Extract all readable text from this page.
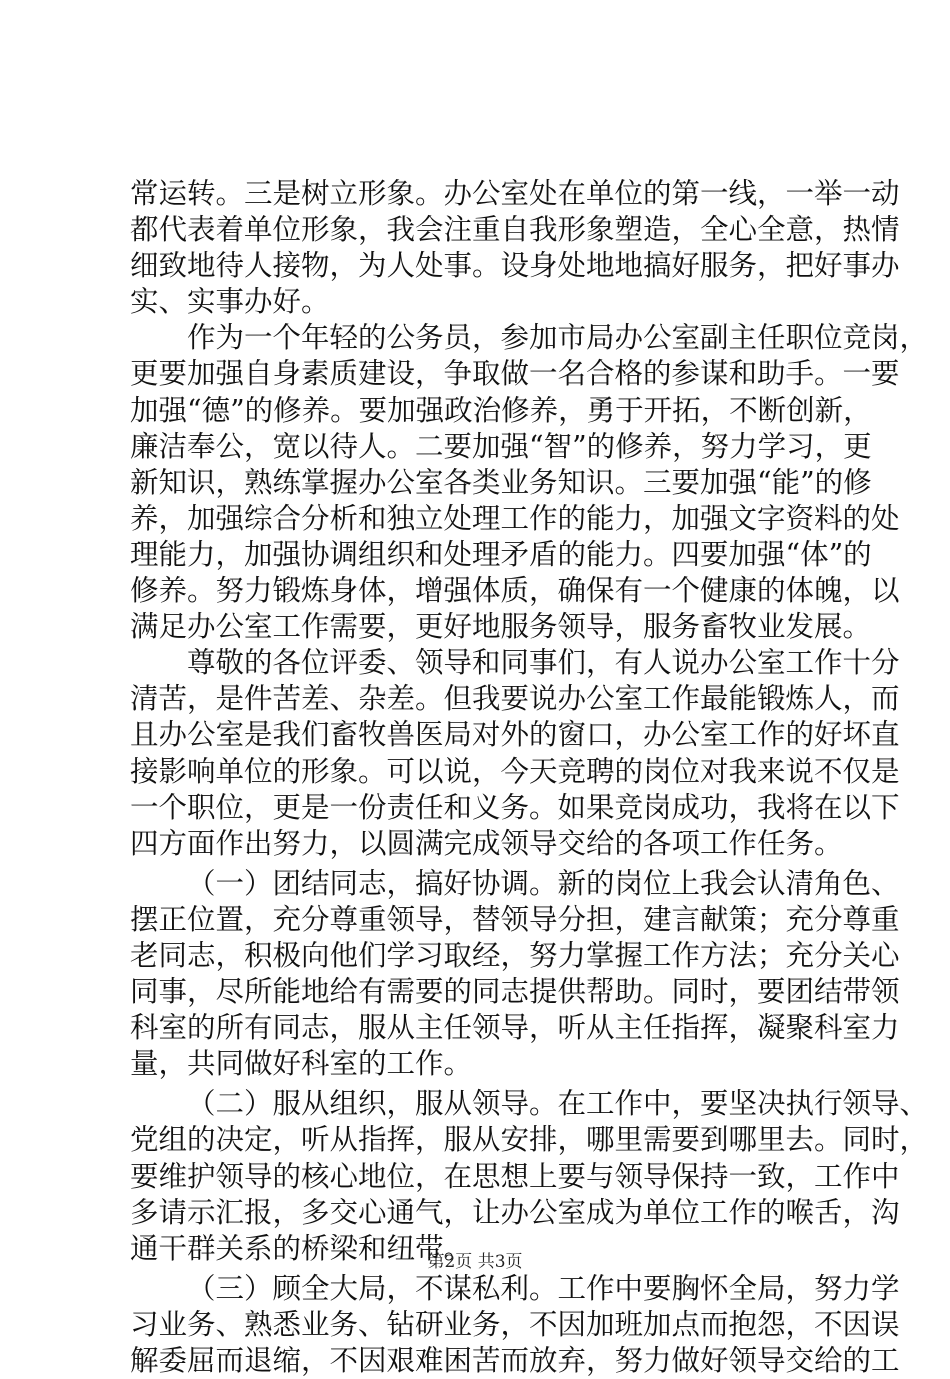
常运转。三是树立形象。办公室处在单位的第一线，一举一动
都代表着单位形象，我会注重自我形象塑造，全心全意，热情
细致地待人接物，为人处事。设身处地地搞好服务，把好事办
实、实事办好。
作为一个年轻的公务员，参加市局办公室副主任职位竞岗，
更要加强自身素质建设，争取做一名合格的参谋和助手。一要
加强“德”的修养。要加强政治修养，勇于开拓，不断创新，
廉洁奉公，宽以待人。二要加强“智”的修养，努力学习，更
新知识，熟练掌握办公室各类业务知识。三要加强“能”的修
养，加强综合分析和独立处理工作的能力，加强文字资料的处
理能力，加强协调组织和处理矛盾的能力。四要加强“体”的
修养。努力锻炼身体，增强体质，确保有一个健康的体魄，以
满足办公室工作需要，更好地服务领导，服务畜牧业发展。
尊敬的各位评委、领导和同事们，有人说办公室工作十分
清苦，是件苦差、杂差。但我要说办公室工作最能锻炼人，而
且办公室是我们畜牧兽医局对外的窗口，办公室工作的好坏直
接影响单位的形象。可以说，今天竞聘的岗位对我来说不仅是
一个职位，更是一份责任和义务。如果竞岗成功，我将在以下
四方面作出努力，以圆满完成领导交给的各项工作任务。
（一）团结同志，搞好协调。新的岗位上我会认清角色、
摆正位置，充分尊重领导，替领导分担，建言献策；充分尊重
老同志，积极向他们学习取经，努力掌握工作方法；充分关心
同事，尽所能地给有需要的同志提供帮助。同时，要团结带领
科室的所有同志，服从主任领导，听从主任指挥，凝聚科室力
量，共同做好科室的工作。
（二）服从组织，服从领导。在工作中，要坚决执行领导、
党组的决定，听从指挥，服从安排，哪里需要到哪里去。同时，
要维护领导的核心地位，在思想上要与领导保持一致，工作中
多请示汇报，多交心通气，让办公室成为单位工作的喉舌，沟
通干群关系的桥梁和纽带。
（三）顾全大局，不谋私利。工作中要胸怀全局，努力学
习业务、熟悉业务、钻研业务，不因加班加点而抱怨，不因误
解委屈而退缩，不因艰难困苦而放弃，努力做好领导交给的工
第2页 共3页
